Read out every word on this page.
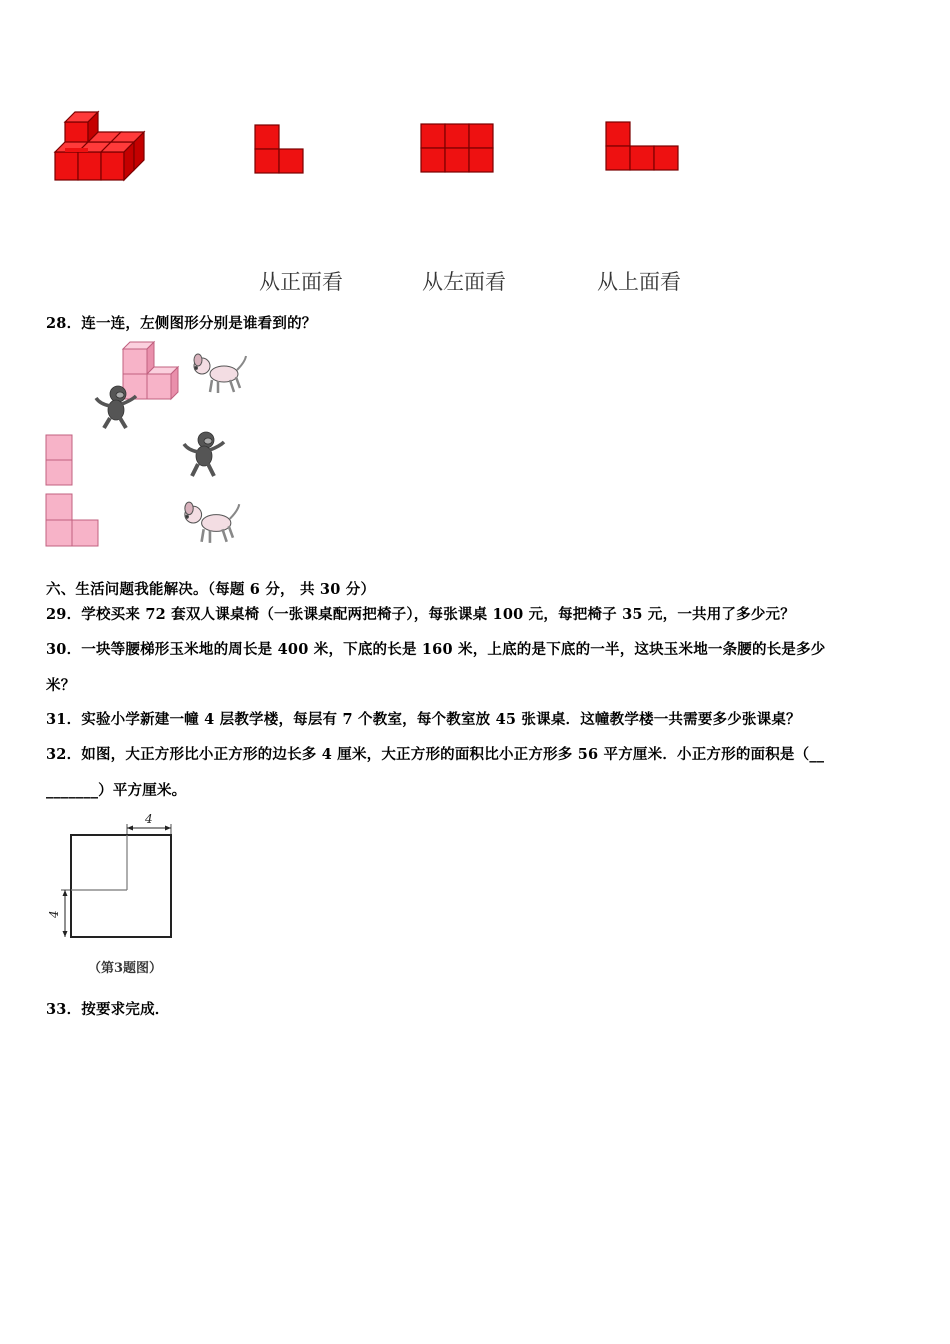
从正面看	从左面看	从上面看
28．连一连，左侧图形分别是谁看到的？
六、生活问题我能解决。（每题 6 分， 共 30 分）
29．学校买来 72 套双人课桌椅（一张课桌配两把椅子），每张课桌 100 元，每把椅子 35 元，一共用了多少元？
30．一块等腰梯形玉米地的周长是 400 米，下底的长是 160 米，上底的是下底的一半，这块玉米地一条腰的长是多少
米？
31．实验小学新建一幢 4 层教学楼，每层有 7 个教室，每个教室放 45 张课桌．这幢教学楼一共需要多少张课桌？
32．如图，大正方形比小正方形的边长多 4 厘米，大正方形的面积比小正方形多 56 平方厘米．小正方形的面积是（__
_______）平方厘米。
4
4
（第3题图）
33．按要求完成．
